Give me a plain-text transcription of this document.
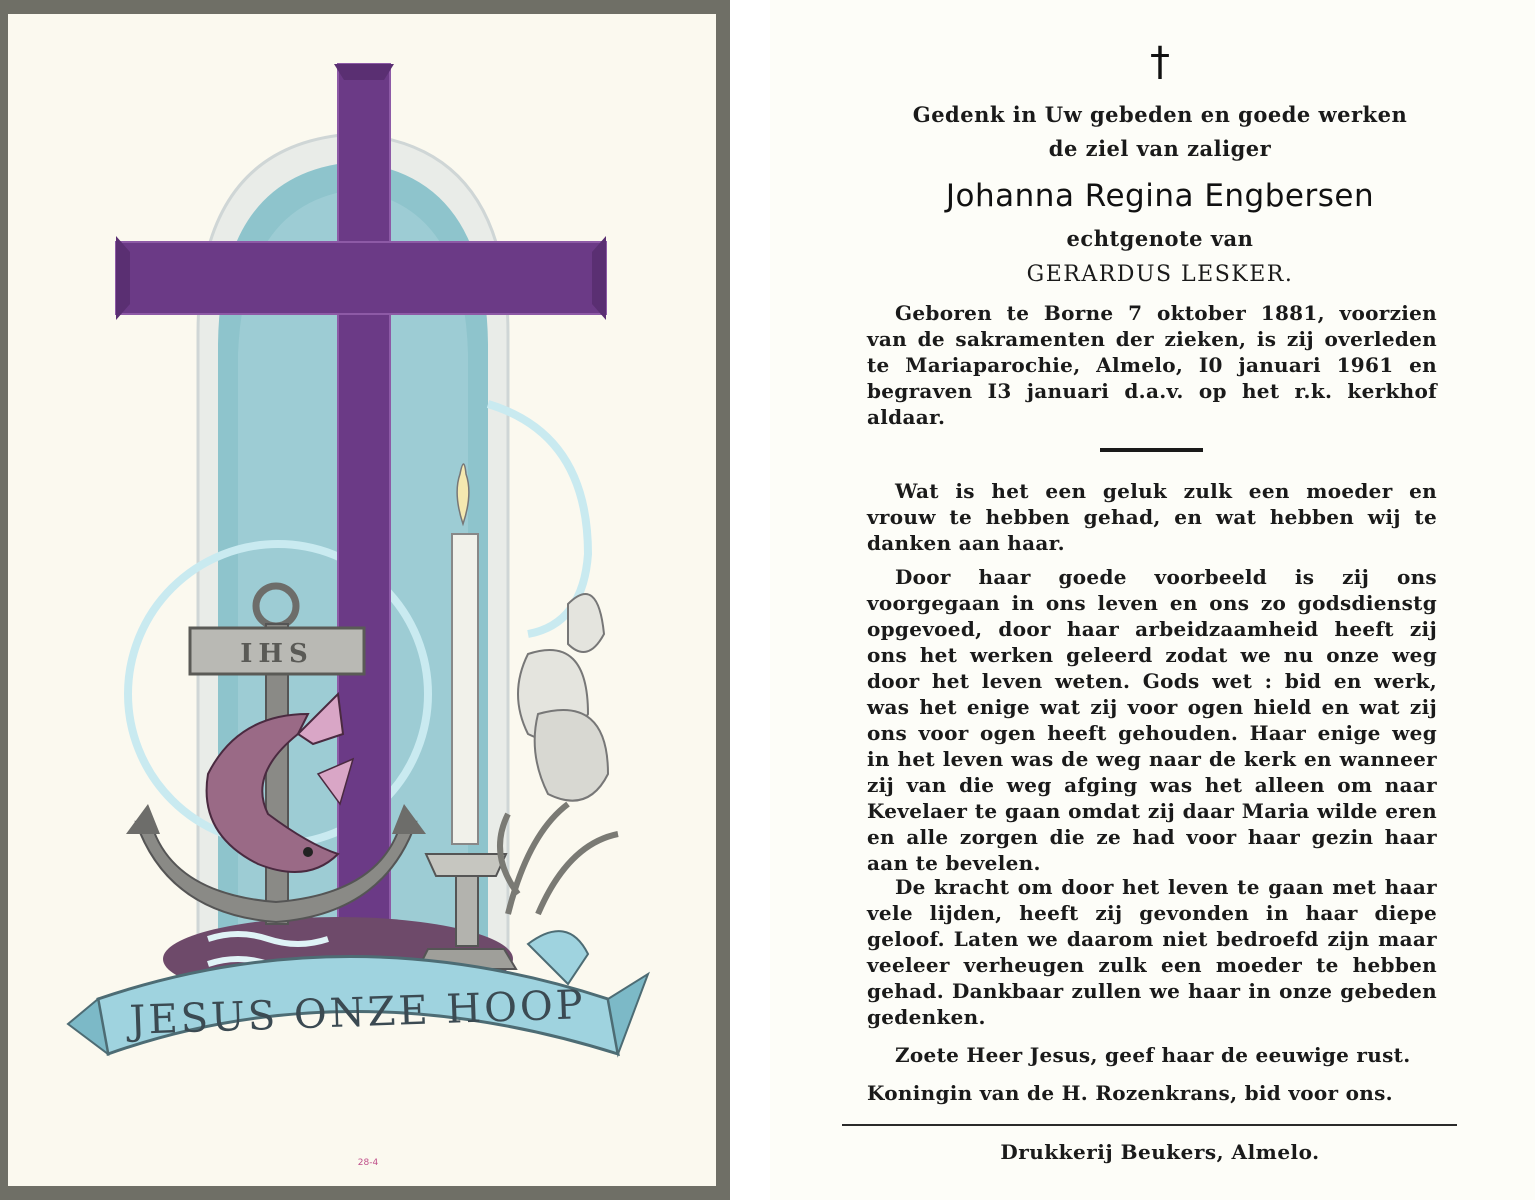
IHS
JESUS ONZE HOOP
28-4
†

Gedenk in Uw gebeden en goede werken

de ziel van zaliger

Johanna Regina Engbersen

echtgenote van

GERARDUS LESKER.

Geboren te Borne 7 oktober 1881, voorzien van de sakramenten der zieken, is zij overleden te Mariaparochie, Almelo, I0 januari 1961 en begraven I3 januari d.a.v. op het r.k. kerkhof aldaar.

Wat is het een geluk zulk een moeder en vrouw te hebben gehad, en wat hebben wij te danken aan haar.

Door haar goede voorbeeld is zij ons voorgegaan in ons leven en ons zo godsdienstg opgevoed, door haar arbeidzaamheid heeft zij ons het werken geleerd zodat we nu onze weg door het leven weten. Gods wet : bid en werk, was het enige wat zij voor ogen hield en wat zij ons voor ogen heeft gehouden. Haar enige weg in het leven was de weg naar de kerk en wanneer zij van die weg afging was het alleen om naar Kevelaer te gaan omdat zij daar Maria wilde eren en alle zorgen die ze had voor haar gezin haar aan te bevelen.

De kracht om door het leven te gaan met haar vele lijden, heeft zij gevonden in haar diepe geloof. Laten we daarom niet bedroefd zijn maar veeleer verheugen zulk een moeder te hebben gehad. Dankbaar zullen we haar in onze gebeden gedenken.

Zoete Heer Jesus, geef haar de eeuwige rust.

Koningin van de H. Rozenkrans, bid voor ons.

Drukkerij Beukers, Almelo.
